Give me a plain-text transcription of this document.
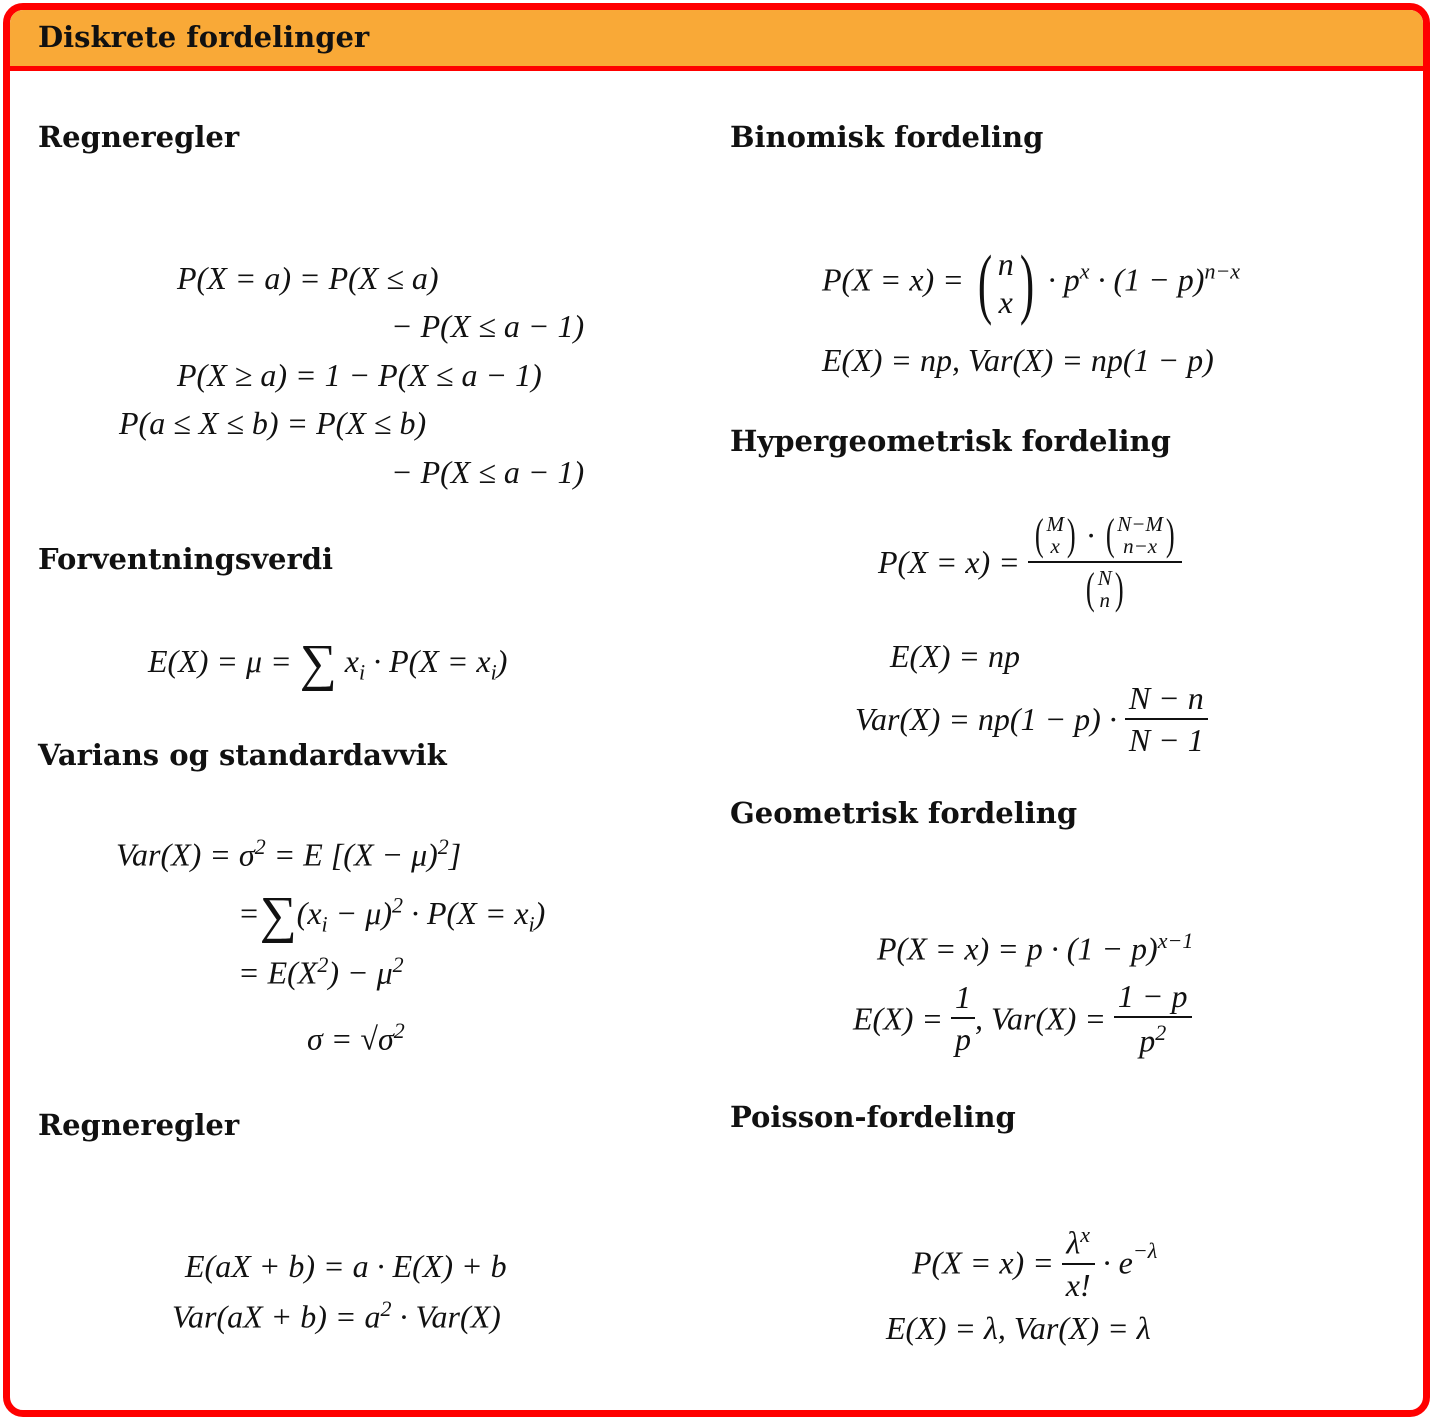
Diskrete fordelinger
Regneregler
P(X = a) = P(X ≤ a)
− P(X ≤ a − 1)
P(X ≥ a) = 1 − P(X ≤ a − 1)
P(a ≤ X ≤ b) = P(X ≤ b)
− P(X ≤ a − 1)
Forventningsverdi
E(X) = μ = ∑ $x_i \cdot P(X = x_i)$
Varians og standardavvik
$Var(X) = \sigma^2 = E$ $[(X - \mu)^2]$
$=\sum(x_i - \mu)^2 \cdot P(X = x_i)$
= $E(X^2) - \mu^2$
$\sigma = √\sigma^2$
Regneregler
E(aX + b) = a · E(X) + b
$Var(aX + b) = a^2 \cdot Var(X)$
Binomisk fordeling
P(X = x) = ( n
x ) · $p^x \cdot (1 - p)^{n-x}$
E(X) = np, Var(X) = np(1 − p)
Hypergeometrisk fordeling
P(X = x) = ( M
x ) · ( N−M
n−x )
( N
n )
E(X) = np
$Var(X) = np(1 - p) \cdot \frac{N - n}{N - 1}$
Geometrisk fordeling
$P(X = x) = p \cdot (1 - p)^{x-1}$
$E(X) = \frac{1}{p}$ , $Var(X) = \frac{1 - p}{p^2}$
Poisson-fordeling
$P(X = x) = \frac{\lambda^x}{x!} \cdot e^{-\lambda}$
E(X) = λ, Var(X) = λ
